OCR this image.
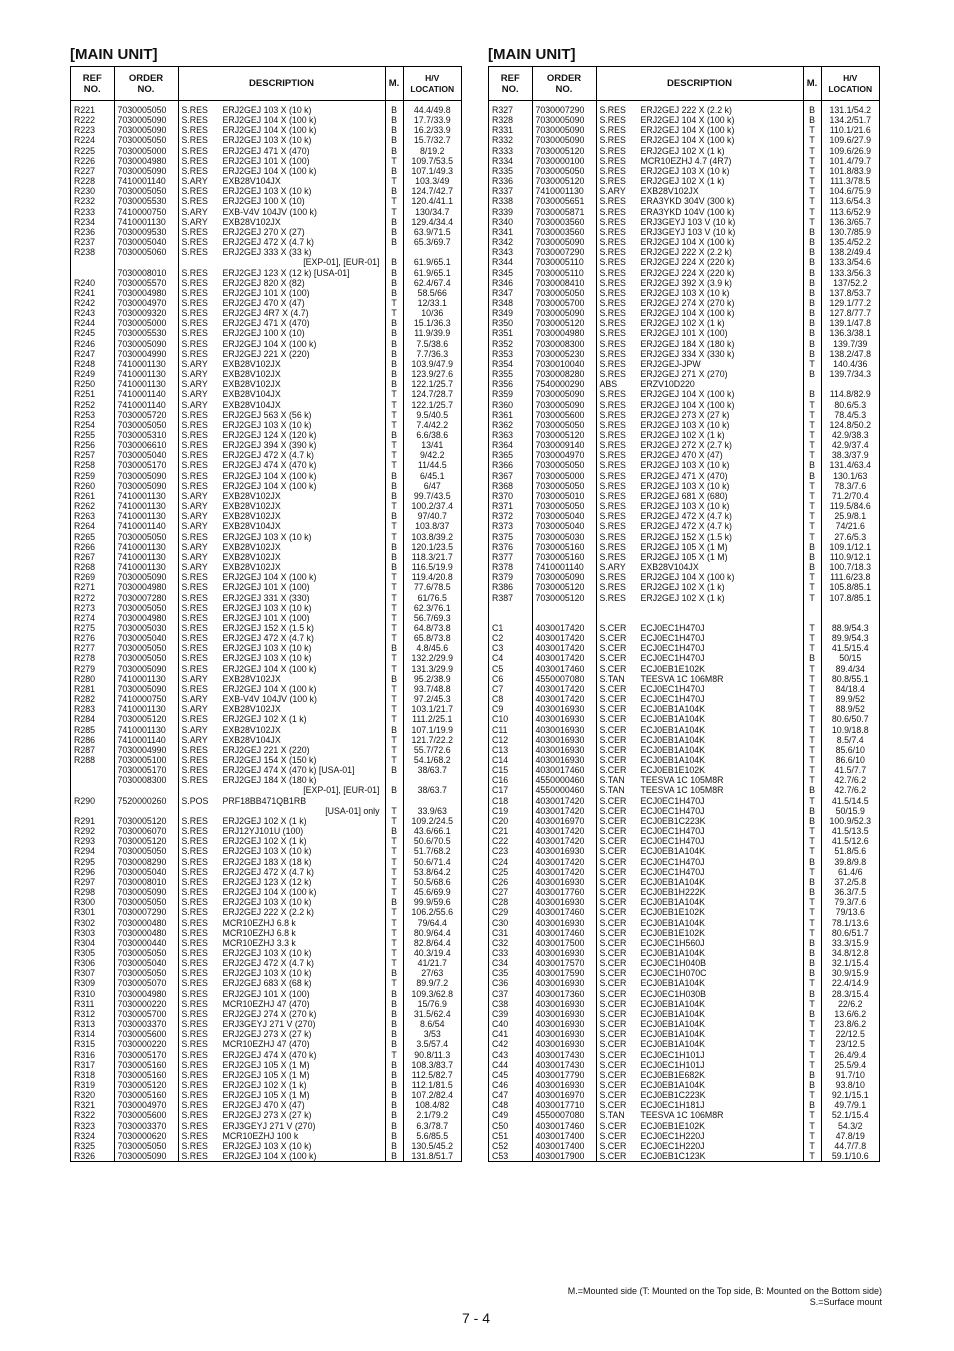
[MAIN UNIT]	[MAIN UNIT]
REF
NO.	ORDER
NO.	DESCRIPTION	M.	H/V
LOCATION
R221	7030005050	S.RES ERJ2GEJ 103 X (10 k)	B	44.4/49.8
R222	7030005090	S.RES ERJ2GEJ 104 X (100 k)	B	17.7/33.9
R223	7030005090	S.RES ERJ2GEJ 104 X (100 k)	B	16.2/33.9
R224	7030005050	S.RES ERJ2GEJ 103 X (10 k)	B	15.7/32.7
R225	7030005000	S.RES ERJ2GEJ 471 X (470)	B	8/19.2
R226	7030004980	S.RES ERJ2GEJ 101 X (100)	T	109.7/53.5
R227	7030005090	S.RES ERJ2GEJ 104 X (100 k)	B	107.1/49.3
R228	7410001140	S.ARY EXB28V104JX	T	103.3/49
R230	7030005050	S.RES ERJ2GEJ 103 X (10 k)	B	124.7/42.7
R232	7030005530	S.RES ERJ2GEJ 100 X (10)	T	120.4/41.1
R233	7410000750	S.ARY EXB-V4V 104JV (100 k)	T	130/34.7
R234	7410001130	S.ARY EXB28V102JX	B	129.4/34.4
R236	7030009530	S.RES ERJ2GEJ 270 X (27)	B	63.9/71.5
R237	7030005040	S.RES ERJ2GEJ 472 X (4.7 k)	B	65.3/69.7
R238	7030005060	S.RES ERJ2GEJ 333 X (33 k)		
		[EXP-01], [EUR-01]	B	61.9/65.1
	7030008010	S.RES ERJ2GEJ 123 X (12 k) [USA-01]	B	61.9/65.1
R240	7030005570	S.RES ERJ2GEJ 820 X (82)	B	62.4/67.4
R241	7030004980	S.RES ERJ2GEJ 101 X (100)	B	58.5/66
R242	7030004970	S.RES ERJ2GEJ 470 X (47)	T	12/33.1
R243	7030009320	S.RES ERJ2GEJ 4R7 X (4.7)	T	10/36
R244	7030005000	S.RES ERJ2GEJ 471 X (470)	B	15.1/36.3
R245	7030005530	S.RES ERJ2GEJ 100 X (10)	B	11.9/39.9
R246	7030005090	S.RES ERJ2GEJ 104 X (100 k)	B	7.5/38.6
R247	7030004990	S.RES ERJ2GEJ 221 X (220)	B	7.7/36.3
R248	7410001130	S.ARY EXB28V102JX	B	103.9/47.9
R249	7410001130	S.ARY EXB28V102JX	B	123.9/27.6
R250	7410001130	S.ARY EXB28V102JX	B	122.1/25.7
R251	7410001140	S.ARY EXB28V104JX	T	124.7/28.7
R252	7410001140	S.ARY EXB28V104JX	T	122.1/25.7
R253	7030005720	S.RES ERJ2GEJ 563 X (56 k)	T	9.5/40.5
R254	7030005050	S.RES ERJ2GEJ 103 X (10 k)	T	7.4/42.2
R255	7030005310	S.RES ERJ2GEJ 124 X (120 k)	B	6.6/38.6
R256	7030006610	S.RES ERJ2GEJ 394 X (390 k)	T	13/41
R257	7030005040	S.RES ERJ2GEJ 472 X (4.7 k)	T	9/42.2
R258	7030005170	S.RES ERJ2GEJ 474 X (470 k)	T	11/44.5
R259	7030005090	S.RES ERJ2GEJ 104 X (100 k)	B	6/45.1
R260	7030005090	S.RES ERJ2GEJ 104 X (100 k)	B	6/47
R261	7410001130	S.ARY EXB28V102JX	B	99.7/43.5
R262	7410001130	S.ARY EXB28V102JX	T	100.2/37.4
R263	7410001130	S.ARY EXB28V102JX	B	97/40.7
R264	7410001140	S.ARY EXB28V104JX	T	103.8/37
R265	7030005050	S.RES ERJ2GEJ 103 X (10 k)	T	103.8/39.2
R266	7410001130	S.ARY EXB28V102JX	B	120.1/23.5
R267	7410001130	S.ARY EXB28V102JX	B	118.3/21.7
R268	7410001130	S.ARY EXB28V102JX	B	116.5/19.9
R269	7030005090	S.RES ERJ2GEJ 104 X (100 k)	T	119.4/20.8
R271	7030004980	S.RES ERJ2GEJ 101 X (100)	T	77.6/78.5
R272	7030007280	S.RES ERJ2GEJ 331 X (330)	T	61/76.5
R273	7030005050	S.RES ERJ2GEJ 103 X (10 k)	T	62.3/76.1
R274	7030004980	S.RES ERJ2GEJ 101 X (100)	T	56.7/69.3
R275	7030005030	S.RES ERJ2GEJ 152 X (1.5 k)	T	64.8/73.8
R276	7030005040	S.RES ERJ2GEJ 472 X (4.7 k)	T	65.8/73.8
R277	7030005050	S.RES ERJ2GEJ 103 X (10 k)	B	4.8/45.6
R278	7030005050	S.RES ERJ2GEJ 103 X (10 k)	T	132.2/29.9
R279	7030005090	S.RES ERJ2GEJ 104 X (100 k)	T	131.3/29.9
R280	7410001130	S.ARY EXB28V102JX	B	95.2/38.9
R281	7030005090	S.RES ERJ2GEJ 104 X (100 k)	T	93.7/48.8
R282	7410000750	S.ARY EXB-V4V 104JV (100 k)	T	97.2/45.3
R283	7410001130	S.ARY EXB28V102JX	T	103.1/21.7
R284	7030005120	S.RES ERJ2GEJ 102 X (1 k)	T	111.2/25.1
R285	7410001130	S.ARY EXB28V102JX	B	107.1/19.9
R286	7410001140	S.ARY EXB28V104JX	T	121.7/22.2
R287	7030004990	S.RES ERJ2GEJ 221 X (220)	T	55.7/72.6
R288	7030005100	S.RES ERJ2GEJ 154 X (150 k)	T	54.1/68.2
	7030005170	S.RES ERJ2GEJ 474 X (470 k) [USA-01]	B	38/63.7
	7030008300	S.RES ERJ2GEJ 184 X (180 k)		
		[EXP-01], [EUR-01]	B	38/63.7
R290	7520000260	S.POS PRF18BB471QB1RB		
		[USA-01] only	T	33.9/63
R291	7030005120	S.RES ERJ2GEJ 102 X (1 k)	T	109.2/24.5
R292	7030006070	S.RES ERJ12YJ101U (100)	B	43.6/66.1
R293	7030005120	S.RES ERJ2GEJ 102 X (1 k)	T	50.6/70.5
R294	7030005050	S.RES ERJ2GEJ 103 X (10 k)	T	51.7/68.2
R295	7030008290	S.RES ERJ2GEJ 183 X (18 k)	T	50.6/71.4
R296	7030005040	S.RES ERJ2GEJ 472 X (4.7 k)	T	53.8/64.2
R297	7030008010	S.RES ERJ2GEJ 123 X (12 k)	T	50.5/68.6
R298	7030005090	S.RES ERJ2GEJ 104 X (100 k)	T	45.6/69.9
R300	7030005050	S.RES ERJ2GEJ 103 X (10 k)	B	99.9/59.6
R301	7030007290	S.RES ERJ2GEJ 222 X (2.2 k)	T	106.2/55.6
R302	7030000480	S.RES MCR10EZHJ 6.8 k	T	79/64.4
R303	7030000480	S.RES MCR10EZHJ 6.8 k	T	80.9/64.4
R304	7030000440	S.RES MCR10EZHJ 3.3 k	T	82.8/64.4
R305	7030005050	S.RES ERJ2GEJ 103 X (10 k)	T	40.3/19.4
R306	7030005040	S.RES ERJ2GEJ 472 X (4.7 k)	T	41/21.7
R307	7030005050	S.RES ERJ2GEJ 103 X (10 k)	B	27/63
R309	7030005070	S.RES ERJ2GEJ 683 X (68 k)	T	89.9/7.2
R310	7030004980	S.RES ERJ2GEJ 101 X (100)	B	109.3/62.8
R311	7030000220	S.RES MCR10EZHJ 47 (470)	B	15/76.9
R312	7030005700	S.RES ERJ2GEJ 274 X (270 k)	B	31.5/62.4
R313	7030003370	S.RES ERJ3GEYJ 271 V (270)	B	8.6/54
R314	7030005600	S.RES ERJ2GEJ 273 X (27 k)	B	3/53
R315	7030000220	S.RES MCR10EZHJ 47 (470)	B	3.5/57.4
R316	7030005170	S.RES ERJ2GEJ 474 X (470 k)	T	90.8/11.3
R317	7030005160	S.RES ERJ2GEJ 105 X (1 M)	B	108.3/83.7
R318	7030005160	S.RES ERJ2GEJ 105 X (1 M)	B	112.5/82.7
R319	7030005120	S.RES ERJ2GEJ 102 X (1 k)	B	112.1/81.5
R320	7030005160	S.RES ERJ2GEJ 105 X (1 M)	B	107.2/82.4
R321	7030004970	S.RES ERJ2GEJ 470 X (47)	B	108.4/82
R322	7030005600	S.RES ERJ2GEJ 273 X (27 k)	B	2.1/79.2
R323	7030003370	S.RES ERJ3GEYJ 271 V (270)	B	6.3/78.7
R324	7030000620	S.RES MCR10EZHJ 100 k	B	5.6/85.5
R325	7030005050	S.RES ERJ2GEJ 103 X (10 k)	B	130.5/45.2
R326	7030005090	S.RES ERJ2GEJ 104 X (100 k)	B	131.8/51.7
REF
NO.	ORDER
NO.	DESCRIPTION	M.	H/V
LOCATION
R327	7030007290	S.RES ERJ2GEJ 222 X (2.2 k)	B	131.1/54.2
R328	7030005090	S.RES ERJ2GEJ 104 X (100 k)	B	134.2/51.7
R331	7030005090	S.RES ERJ2GEJ 104 X (100 k)	T	110.1/21.6
R332	7030005090	S.RES ERJ2GEJ 104 X (100 k)	T	109.6/27.9
R333	7030005120	S.RES ERJ2GEJ 102 X (1 k)	T	109.6/26.9
R334	7030000100	S.RES MCR10EZHJ 4.7 (4R7)	T	101.4/79.7
R335	7030005050	S.RES ERJ2GEJ 103 X (10 k)	T	101.8/83.9
R336	7030005120	S.RES ERJ2GEJ 102 X (1 k)	T	111.3/78.5
R337	7410001130	S.ARY EXB28V102JX	T	104.6/75.9
R338	7030005651	S.RES ERA3YKD 304V (300 k)	T	113.6/54.3
R339	7030005871	S.RES ERA3YKD 104V (100 k)	T	113.6/52.9
R340	7030003560	S.RES ERJ3GEYJ 103 V (10 k)	T	136.3/65.7
R341	7030003560	S.RES ERJ3GEYJ 103 V (10 k)	B	130.7/85.9
R342	7030005090	S.RES ERJ2GEJ 104 X (100 k)	B	135.4/52.2
R343	7030007290	S.RES ERJ2GEJ 222 X (2.2 k)	B	138.2/49.4
R344	7030005110	S.RES ERJ2GEJ 224 X (220 k)	B	133.3/54.6
R345	7030005110	S.RES ERJ2GEJ 224 X (220 k)	B	133.3/56.3
R346	7030008410	S.RES ERJ2GEJ 392 X (3.9 k)	B	137/52.2
R347	7030005050	S.RES ERJ2GEJ 103 X (10 k)	B	137.8/53.7
R348	7030005700	S.RES ERJ2GEJ 274 X (270 k)	B	129.1/77.2
R349	7030005090	S.RES ERJ2GEJ 104 X (100 k)	B	127.8/77.7
R350	7030005120	S.RES ERJ2GEJ 102 X (1 k)	B	139.1/47.8
R351	7030004980	S.RES ERJ2GEJ 101 X (100)	B	136.3/38.1
R352	7030008300	S.RES ERJ2GEJ 184 X (180 k)	B	139.7/39
R353	7030005230	S.RES ERJ2GEJ 334 X (330 k)	B	138.2/47.8
R354	7030010040	S.RES ERJ2GEJ-JPW	T	140.4/36
R355	7030008280	S.RES ERJ2GEJ 271 X (270)	B	139.7/34.3
R356	7540000290	ABS ERZV10D220		
R359	7030005090	S.RES ERJ2GEJ 104 X (100 k)	B	114.8/82.9
R360	7030005090	S.RES ERJ2GEJ 104 X (100 k)	T	80.6/5.3
R361	7030005600	S.RES ERJ2GEJ 273 X (27 k)	T	78.4/5.3
R362	7030005050	S.RES ERJ2GEJ 103 X (10 k)	T	124.8/50.2
R363	7030005120	S.RES ERJ2GEJ 102 X (1 k)	T	42.9/38.3
R364	7030009140	S.RES ERJ2GEJ 272 X (2.7 k)	T	42.9/37.4
R365	7030004970	S.RES ERJ2GEJ 470 X (47)	T	38.3/37.9
R366	7030005050	S.RES ERJ2GEJ 103 X (10 k)	B	131.4/63.4
R367	7030005000	S.RES ERJ2GEJ 471 X (470)	B	130.1/63
R368	7030005050	S.RES ERJ2GEJ 103 X (10 k)	T	78.3/7.6
R370	7030005010	S.RES ERJ2GEJ 681 X (680)	T	71.2/70.4
R371	7030005050	S.RES ERJ2GEJ 103 X (10 k)	T	119.5/84.6
R372	7030005040	S.RES ERJ2GEJ 472 X (4.7 k)	T	25.9/8.1
R373	7030005040	S.RES ERJ2GEJ 472 X (4.7 k)	T	74/21.6
R375	7030005030	S.RES ERJ2GEJ 152 X (1.5 k)	T	27.6/5.3
R376	7030005160	S.RES ERJ2GEJ 105 X (1 M)	B	109.1/12.1
R377	7030005160	S.RES ERJ2GEJ 105 X (1 M)	B	110.9/12.1
R378	7410001140	S.ARY EXB28V104JX	B	100.7/18.3
R379	7030005090	S.RES ERJ2GEJ 104 X (100 k)	T	111.6/23.8
R386	7030005120	S.RES ERJ2GEJ 102 X (1 k)	T	105.8/85.1
R387	7030005120	S.RES ERJ2GEJ 102 X (1 k)	T	107.8/85.1

C1	4030017420	S.CER ECJ0EC1H470J	T	88.9/54.3
C2	4030017420	S.CER ECJ0EC1H470J	T	89.9/54.3
C3	4030017420	S.CER ECJ0EC1H470J	T	41.5/15.4
C4	4030017420	S.CER ECJ0EC1H470J	B	50/15
C5	4030017460	S.CER ECJ0EB1E102K	T	89.4/34
C6	4550007080	S.TAN TEESVA 1C 106M8R	T	80.8/55.1
C7	4030017420	S.CER ECJ0EC1H470J	T	84/18.4
C8	4030017420	S.CER ECJ0EC1H470J	T	89.9/52
C9	4030016930	S.CER ECJ0EB1A104K	T	88.9/52
C10	4030016930	S.CER ECJ0EB1A104K	T	80.6/50.7
C11	4030016930	S.CER ECJ0EB1A104K	T	10.9/18.8
C12	4030016930	S.CER ECJ0EB1A104K	T	8.5/7.4
C13	4030016930	S.CER ECJ0EB1A104K	T	85.6/10
C14	4030016930	S.CER ECJ0EB1A104K	T	86.6/10
C15	4030017460	S.CER ECJ0EB1E102K	T	41.5/7.7
C16	4550000460	S.TAN TEESVA 1C 105M8R	T	42.7/6.2
C17	4550000460	S.TAN TEESVA 1C 105M8R	B	42.7/6.2
C18	4030017420	S.CER ECJ0EC1H470J	T	41.5/14.5
C19	4030017420	S.CER ECJ0EC1H470J	B	50/15.9
C20	4030016970	S.CER ECJ0EB1C223K	B	100.9/52.3
C21	4030017420	S.CER ECJ0EC1H470J	T	41.5/13.5
C22	4030017420	S.CER ECJ0EC1H470J	T	41.5/12.6
C23	4030016930	S.CER ECJ0EB1A104K	T	51.8/5.6
C24	4030017420	S.CER ECJ0EC1H470J	B	39.8/9.8
C25	4030017420	S.CER ECJ0EC1H470J	T	61.4/6
C26	4030016930	S.CER ECJ0EB1A104K	B	37.2/5.8
C27	4030017760	S.CER ECJ0EB1H222K	B	36.3/7.5
C28	4030016930	S.CER ECJ0EB1A104K	T	79.3/7.6
C29	4030017460	S.CER ECJ0EB1E102K	T	79/13.6
C30	4030016930	S.CER ECJ0EB1A104K	T	78.1/13.6
C31	4030017460	S.CER ECJ0EB1E102K	T	80.6/51.7
C32	4030017500	S.CER ECJ0EC1H560J	B	33.3/15.9
C33	4030016930	S.CER ECJ0EB1A104K	B	34.8/12.8
C34	4030017570	S.CER ECJ0EC1H040B	B	32.1/15.4
C35	4030017590	S.CER ECJ0EC1H070C	B	30.9/15.9
C36	4030016930	S.CER ECJ0EB1A104K	T	22.4/14.9
C37	4030017360	S.CER ECJ0EC1H030B	B	28.3/15.4
C38	4030016930	S.CER ECJ0EB1A104K	T	22/6.2
C39	4030016930	S.CER ECJ0EB1A104K	B	13.6/6.2
C40	4030016930	S.CER ECJ0EB1A104K	T	23.8/6.2
C41	4030016930	S.CER ECJ0EB1A104K	T	22/12.5
C42	4030016930	S.CER ECJ0EB1A104K	T	23/12.5
C43	4030017430	S.CER ECJ0EC1H101J	T	26.4/9.4
C44	4030017430	S.CER ECJ0EC1H101J	T	25.5/9.4
C45	4030017790	S.CER ECJ0EB1E682K	B	91.7/10
C46	4030016930	S.CER ECJ0EB1A104K	B	93.8/10
C47	4030016970	S.CER ECJ0EB1C223K	T	92.1/15.1
C48	4030017710	S.CER ECJ0EC1H181J	B	49.7/9.1
C49	4550007080	S.TAN TEESVA 1C 106M8R	T	52.1/15.4
C50	4030017460	S.CER ECJ0EB1E102K	T	54.3/2
C51	4030017400	S.CER ECJ0EC1H220J	T	47.8/19
C52	4030017400	S.CER ECJ0EC1H220J	T	44.7/7.8
C53	4030017900	S.CER ECJ0EB1C123K	T	59.1/10.6
M.=Mounted side (T: Mounted on the Top side, B: Mounted on the Bottom side)
S.=Surface mount
7 - 4
